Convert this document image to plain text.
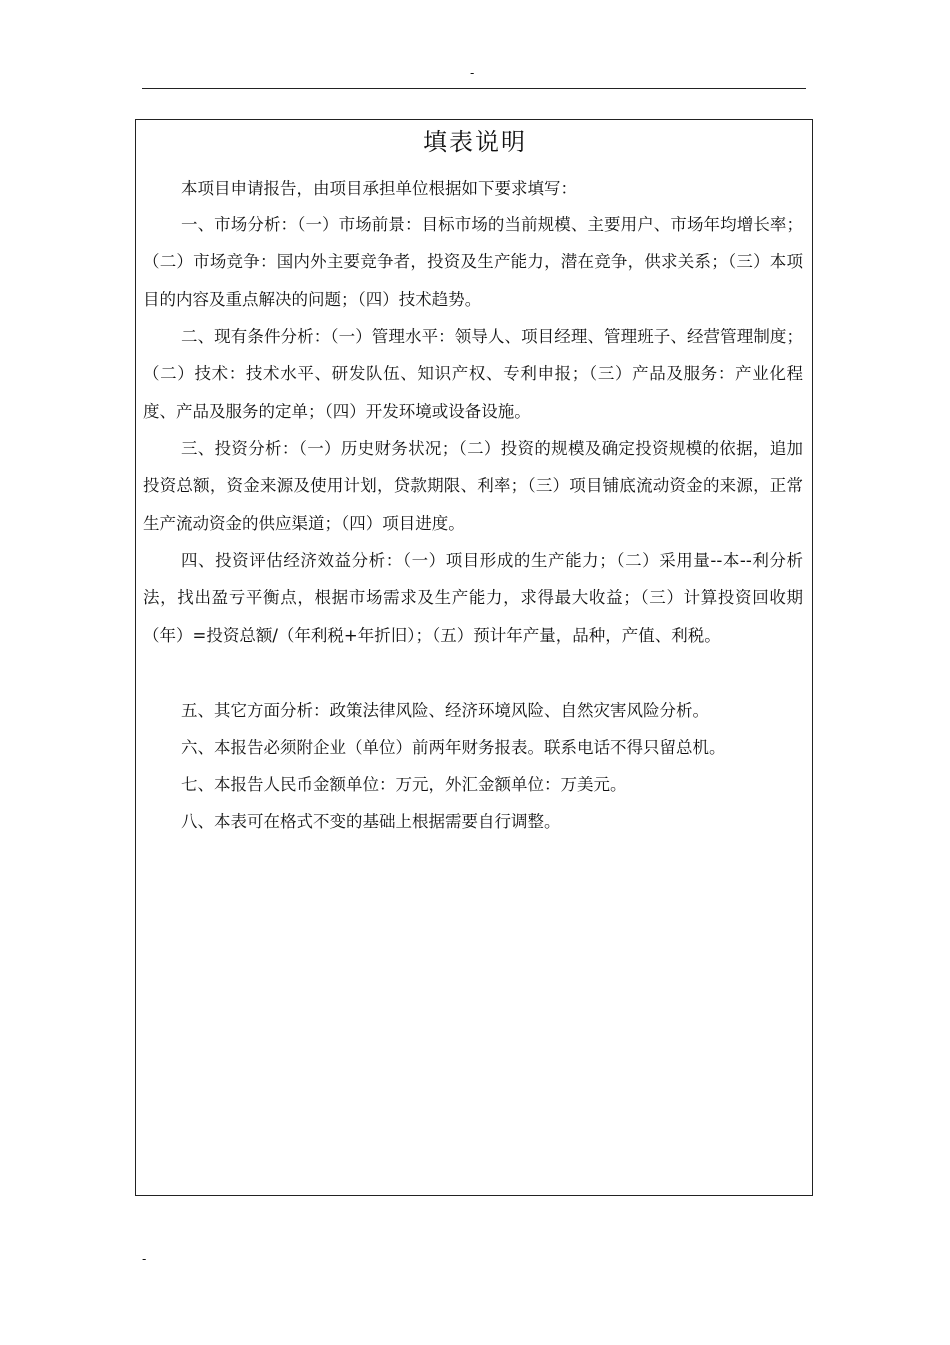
-
填表说明

本项目申请报告，由项目承担单位根据如下要求填写：

一、市场分析：（一）市场前景：目标市场的当前规模、主要用户、市场年均增长率；（二）市场竞争：国内外主要竞争者，投资及生产能力，潜在竞争，供求关系；（三）本项目的内容及重点解决的问题；（四）技术趋势。

二、现有条件分析：（一）管理水平：领导人、项目经理、管理班子、经营管理制度；（二）技术：技术水平、研发队伍、知识产权、专利申报；（三）产品及服务：产业化程度、产品及服务的定单；（四）开发环境或设备设施。

三、投资分析：（一）历史财务状况；（二）投资的规模及确定投资规模的依据，追加投资总额，资金来源及使用计划，贷款期限、利率；（三）项目铺底流动资金的来源，正常生产流动资金的供应渠道；（四）项目进度。

四、投资评估经济效益分析：（一）项目形成的生产能力；（二）采用量--本--利分析法，找出盈亏平衡点，根据市场需求及生产能力，求得最大收益；（三）计算投资回收期（年）=投资总额/（年利税+年折旧）；（五）预计年产量，品种，产值、利税。

五、其它方面分析：政策法律风险、经济环境风险、自然灾害风险分析。

六、本报告必须附企业（单位）前两年财务报表。联系电话不得只留总机。

七、本报告人民币金额单位：万元，外汇金额单位：万美元。

八、本表可在格式不变的基础上根据需要自行调整。

-
